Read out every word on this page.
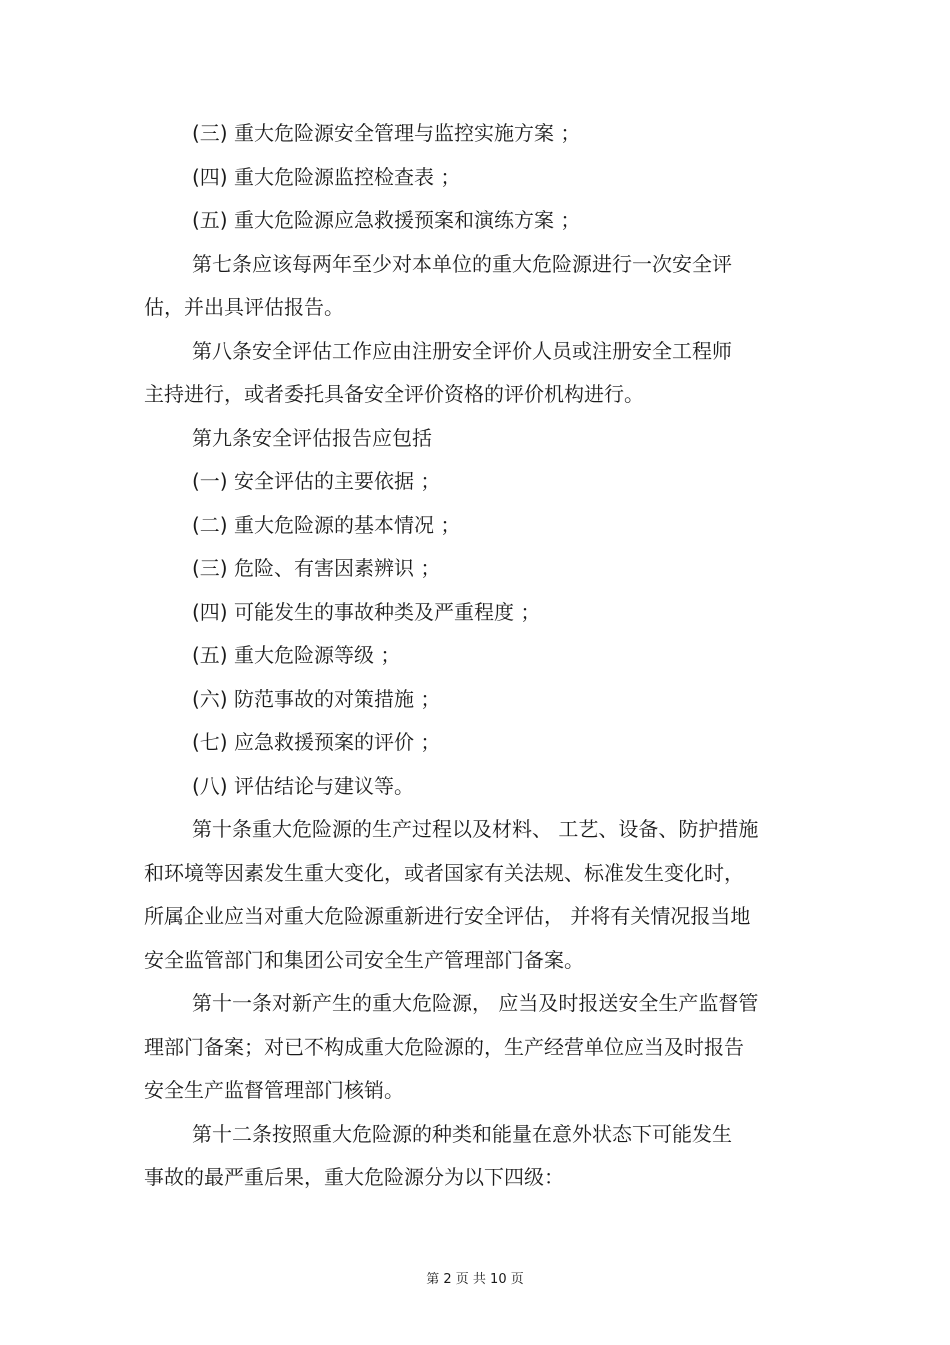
(三) 重大危险源安全管理与监控实施方案 ；
(四) 重大危险源监控检查表 ；
(五) 重大危险源应急救援预案和演练方案 ；
第七条应该每两年至少对本单位的重大危险源进行一次安全评
估，并出具评估报告。
第八条安全评估工作应由注册安全评价人员或注册安全工程师
主持进行，或者委托具备安全评价资格的评价机构进行。
第九条安全评估报告应包括
(一) 安全评估的主要依据 ；
(二) 重大危险源的基本情况 ；
(三) 危险、有害因素辨识 ；
(四) 可能发生的事故种类及严重程度 ；
(五) 重大危险源等级 ；
(六) 防范事故的对策措施 ；
(七) 应急救援预案的评价 ；
(八) 评估结论与建议等。
第十条重大危险源的生产过程以及材料、 工艺、设备、防护措施
和环境等因素发生重大变化，或者国家有关法规、标准发生变化时，
所属企业应当对重大危险源重新进行安全评估， 并将有关情况报当地
安全监管部门和集团公司安全生产管理部门备案。
第十一条对新产生的重大危险源， 应当及时报送安全生产监督管
理部门备案；对已不构成重大危险源的，生产经营单位应当及时报告
安全生产监督管理部门核销。
第十二条按照重大危险源的种类和能量在意外状态下可能发生
事故的最严重后果，重大危险源分为以下四级：
第 2 页 共 10 页
